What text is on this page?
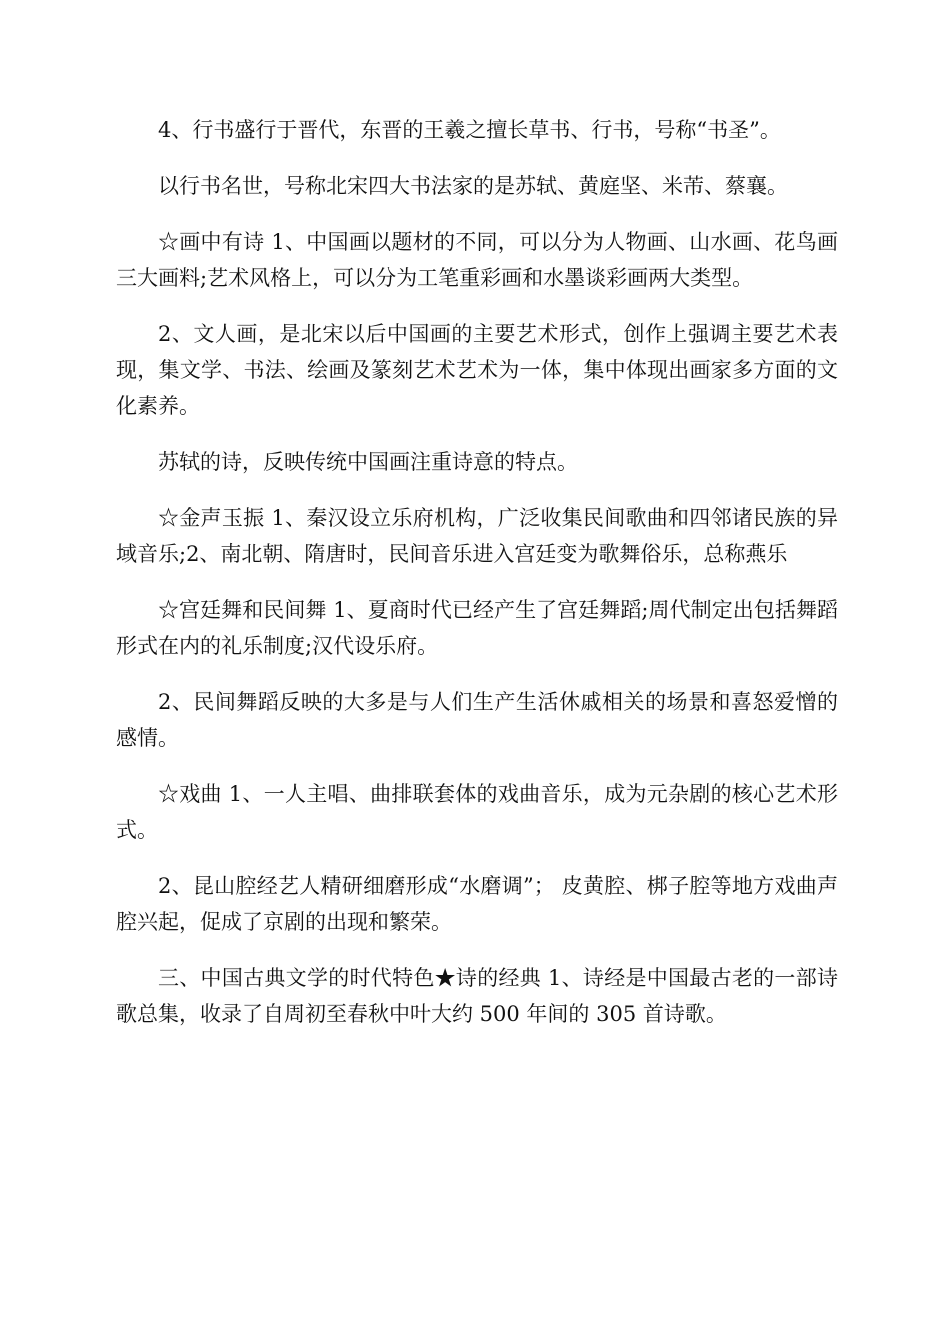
4、行书盛行于晋代，东晋的王羲之擅长草书、行书，号称“书圣”。

以行书名世，号称北宋四大书法家的是苏轼、黄庭坚、米芾、蔡襄。

☆画中有诗 1、中国画以题材的不同，可以分为人物画、山水画、花鸟画三大画料;艺术风格上，可以分为工笔重彩画和水墨谈彩画两大类型。

2、文人画，是北宋以后中国画的主要艺术形式，创作上强调主要艺术表现，集文学、书法、绘画及篆刻艺术艺术为一体，集中体现出画家多方面的文化素养。

苏轼的诗，反映传统中国画注重诗意的特点。

☆金声玉振 1、秦汉设立乐府机构，广泛收集民间歌曲和四邻诸民族的异域音乐;2、南北朝、隋唐时，民间音乐进入宫廷变为歌舞俗乐，总称燕乐

☆宫廷舞和民间舞 1、夏商时代已经产生了宫廷舞蹈;周代制定出包括舞蹈形式在内的礼乐制度;汉代设乐府。

2、民间舞蹈反映的大多是与人们生产生活休戚相关的场景和喜怒爱憎的感情。

☆戏曲 1、一人主唱、曲排联套体的戏曲音乐，成为元杂剧的核心艺术形式。

2、昆山腔经艺人精研细磨形成“水磨调”； 皮黄腔、梆子腔等地方戏曲声腔兴起，促成了京剧的出现和繁荣。

三、中国古典文学的时代特色★诗的经典 1、诗经是中国最古老的一部诗歌总集，收录了自周初至春秋中叶大约 500 年间的 305 首诗歌。
